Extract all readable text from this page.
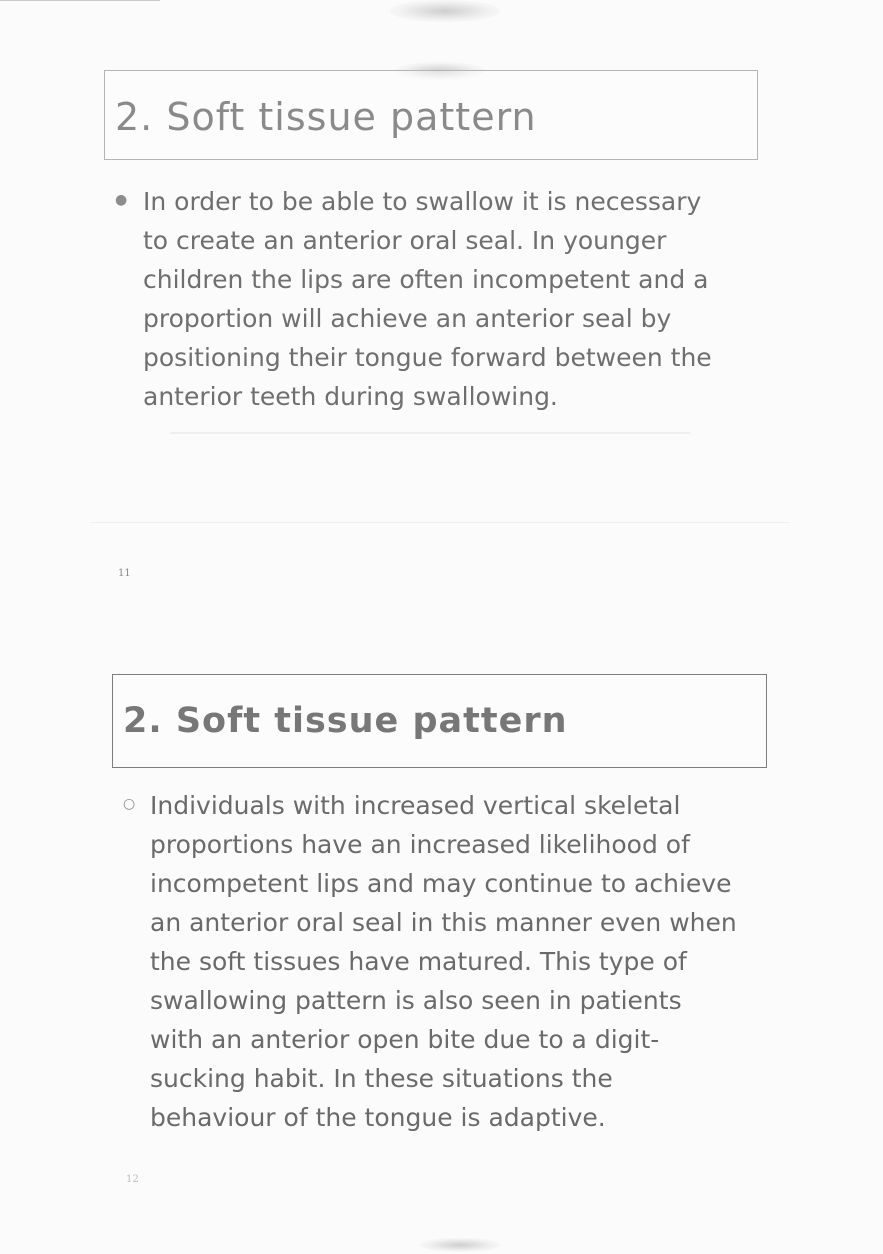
2. Soft tissue pattern
● In order to be able to swallow it is necessary
to create an anterior oral seal. In younger
children the lips are often incompetent and a
proportion will achieve an anterior seal by
positioning their tongue forward between the
anterior teeth during swallowing.
11
2. Soft tissue pattern
○ Individuals with increased vertical skeletal
proportions have an increased likelihood of
incompetent lips and may continue to achieve
an anterior oral seal in this manner even when
the soft tissues have matured. This type of
swallowing pattern is also seen in patients
with an anterior open bite due to a digit-
sucking habit. In these situations the
behaviour of the tongue is adaptive.
12
